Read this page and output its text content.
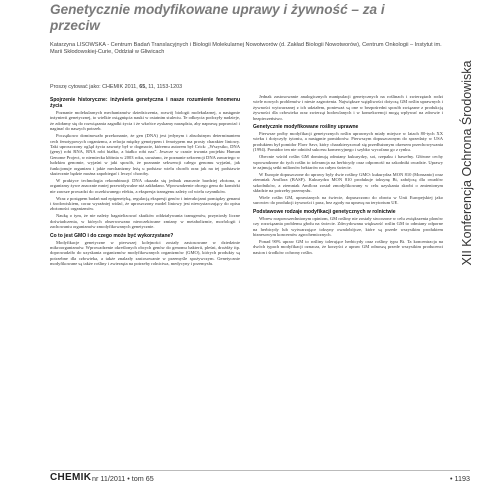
Genetycznie modyfikowane uprawy i żywność – za i przeciw
Katarzyna LISOWSKA - Centrum Badań Translacyjnych i Biologii Molekularnej Nowotworów (d. Zakład Biologii Nowotworów), Centrum Onkologii – Instytut im. Marii Skłodowskiej-Curie, Oddział w Gliwicach
Proszę cytować jako: CHEMIK 2011, 65, 11, 1153-1203
Spojrzenie historyczne: inżynieria genetyczna i nasze rozumienie fenomenu życia

Poznanie molekularnych mechanizmów dziedziczenia, rozwój biologii molekularnej, a następnie inżynierii genetycznej, to wielkie osiągnięcia nauki w ostatnim stuleciu. Te odkrycia podczyły nadzieje, że zdołamy się do rozwiązania zagadki życia i że wkrótce zyskamy narzędzia, aby naprawę poprawiać i naginać do naszych potrzeb.

Początkowo dominowało przekonanie, że gen (DNA) jest jedynym i absolutnym determinantem cech fenotypowych organizmu, a relacja między genotypem i fenotypem ma prosty charakter liniowy. Taki uproszczony ogląd życia zawarty był w dogmacie, któremu autorem był Crick: „Wszystko, DNA (geny) robi RNA, RNA robi białko, a białko robi nas”. Jeszcze w czasie trwania projektu Human Genome Project, w niemiecka kłótnia w 2003 roku, uważano, że poznanie sekwencji DNA zawartego w ludzkim genomie, wyjaśni w jaki sposób, że poznanie sekwencji całego genomu wyjaśni, jak funkcjonuje organizm i jakie mechanizmy leżą u podstaw wielu chorób oraz jak na tej podstawie skutecznie będzie można zapobiegać i leczyć choroby.

W praktyce technologia rekombinacji DNA okazała się jednak znacznie bardziej złożona, a organizmy żywe znacznie mniej przewidywalne niż zakładano. Wprowadzenie obcego genu do komórki nie zawsze prowadzi do oczekiwanego efektu, a ekspresja transgenu zależy od wielu czynników.

Wraz z postępem badań nad epigenetyką, regulacją ekspresji genów i interakcjami pomiędzy genami i środowiskiem, coraz wyraźniej widać, że uproszczony model liniowy jest niewystarczający do opisu złożoności organizmów.

Naukę o tym, że nie należy bagatelizować skutków oddziaływania transgenów, przyniosły liczne doświadczenia, w których obserwowano nieoczekiwane zmiany w metabolizmie, morfologii i zachowaniu organizmów zmodyfikowanych genetycznie.

Co to jest GMO i do czego może być wykorzystane?

Modyfikacje genetyczne w pierwszej kolejności zostały zastosowane w dziedzinie mikroorganizmów. Wprowadzenie określonych obcych genów do genomu bakterii, pleśni, drożdży itp. doprowadziło do uzyskania organizmów modyfikowanych organizmów (GMO), których produkty są potrzebne dla człowieka, a także znalazły zastosowanie w przemyśle spożywczym. Genetycznie modyfikowane są także rośliny i zwierzęta na potrzeby rolnictwa, medycyny i przemysłu.

Jednak zastosowanie analogicznych manipulacji genetycznych na roślinach i zwierzętach rodzi wiele nowych problemów i niesie zagrożenia. Największe wątpliwości dotyczą GM roślin uprawnych i żywności wytwarzanej z ich udziałem, ponieważ są one w bezpośredni sposób związane z produkcją żywności dla człowieka oraz zwierząt hodowlanych i w konsekwencji mogą wpływać na zdrowie i bezpieczeństwo.

Genetycznie modyfikowane rośliny uprawne

Pierwsze próby modyfikacji genetycznych roślin uprawnych miały miejsce w latach 80-tych XX wieku i dotyczyły tytoniu, a następnie pomidorów. Pierwszym dopuszczonym do sprzedaży w USA produktem był pomidor Flavr Savr, który charakteryzował się przedłużonym okresem przechowywania (1994). Pomidor ten nie odniósł sukcesu komercyjnego i szybko wycofano go z rynku.

Obecnie wśród roślin GM dominują odmiany kukurydzy, soi, rzepaku i bawełny. Główne cechy wprowadzone do tych roślin to tolerancja na herbicydy oraz odporność na szkodniki owadzie. Uprawy te zajmują setki milionów hektarów na całym świecie.

W Europie dopuszczone do uprawy były dwie rośliny GMO: kukurydza MON 810 (Monsanto) oraz ziemniak Amflora (BASF). Kukurydza MON 810 produkuje toksynę Bt, zabójczą dla owadów szkodników, a ziemniak Amflora został zmodyfikowany w celu uzyskania skrobi o zmienionym składzie na potrzeby przemysłu.

Wiele roślin GM, uprawianych na świecie, dopuszczono do obrotu w Unii Europejskiej jako surowiec do produkcji żywności i pasz, bez zgody na uprawę na terytorium UE.

Podstawowe rodzaje modyfikacji genetycznych w rolnictwie

Wbrew rozpowszechnionym opiniom, GM rośliny nie zostały stworzone w celu zwiększenia plonów czy rozwiązania problemu głodu na świecie. Zdecydowana większość roślin GM to odmiany odporne na herbicydy lub wytwarzające toksyny owadobójcze, które są przede wszystkim produktem biznesowym koncernów agrochemicznych.

Ponad 90% upraw GM to rośliny tolerujące herbicydy oraz rośliny typu Bt. Ta koncentracja na dwóch typach modyfikacji oznacza, że korzyści z upraw GM odnoszą przede wszystkim producenci nasion i środków ochrony roślin.	XII Konferencja Ochrona Środowiska
CHEMIK nr 11/2011 • tom 65	• 1193
